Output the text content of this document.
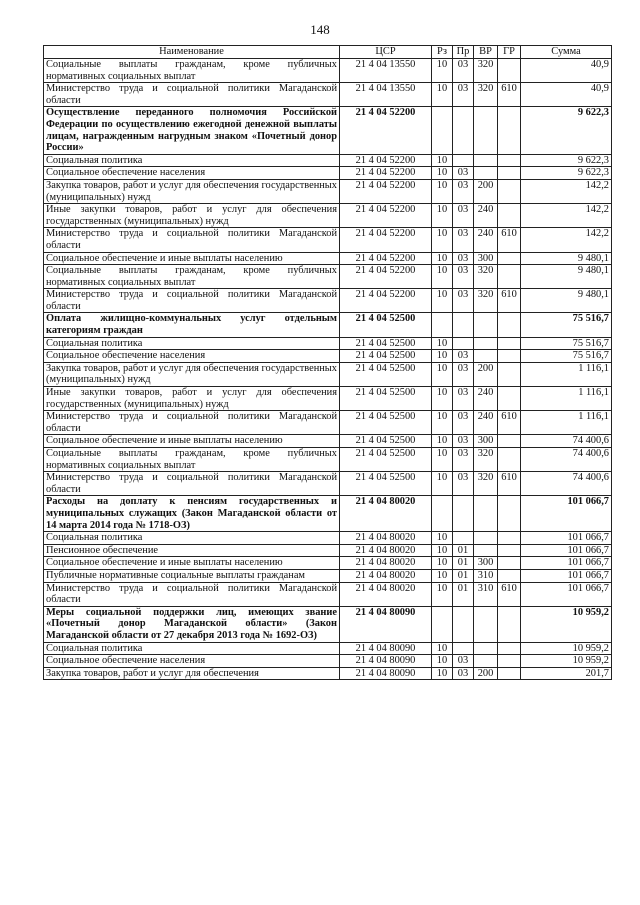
148
Наименование	ЦСР	Рз	Пр	ВР	ГР	Сумма
Социальные выплаты гражданам, кроме публичных нормативных социальных выплат	21 4 04 13550	10	03	320		40,9
Министерство труда и социальной политики Магаданской области	21 4 04 13550	10	03	320	610	40,9
Осуществление переданного полномочия Российской Федерации по осуществлению ежегодной денежной выплаты лицам, награжденным нагрудным знаком «Почетный донор России»	21 4 04 52200					9 622,3
Социальная политика	21 4 04 52200	10				9 622,3
Социальное обеспечение населения	21 4 04 52200	10	03			9 622,3
Закупка товаров, работ и услуг для обеспечения государственных (муниципальных) нужд	21 4 04 52200	10	03	200		142,2
Иные закупки товаров, работ и услуг для обеспечения государственных (муниципальных) нужд	21 4 04 52200	10	03	240		142,2
Министерство труда и социальной политики Магаданской области	21 4 04 52200	10	03	240	610	142,2
Социальное обеспечение и иные выплаты населению	21 4 04 52200	10	03	300		9 480,1
Социальные выплаты гражданам, кроме публичных нормативных социальных выплат	21 4 04 52200	10	03	320		9 480,1
Министерство труда и социальной политики Магаданской области	21 4 04 52200	10	03	320	610	9 480,1
Оплата жилищно-коммунальных услуг отдельным категориям граждан	21 4 04 52500					75 516,7
Социальная политика	21 4 04 52500	10				75 516,7
Социальное обеспечение населения	21 4 04 52500	10	03			75 516,7
Закупка товаров, работ и услуг для обеспечения государственных (муниципальных) нужд	21 4 04 52500	10	03	200		1 116,1
Иные закупки товаров, работ и услуг для обеспечения государственных (муниципальных) нужд	21 4 04 52500	10	03	240		1 116,1
Министерство труда и социальной политики Магаданской области	21 4 04 52500	10	03	240	610	1 116,1
Социальное обеспечение и иные выплаты населению	21 4 04 52500	10	03	300		74 400,6
Социальные выплаты гражданам, кроме публичных нормативных социальных выплат	21 4 04 52500	10	03	320		74 400,6
Министерство труда и социальной политики Магаданской области	21 4 04 52500	10	03	320	610	74 400,6
Расходы на доплату к пенсиям государственных и муниципальных служащих (Закон Магаданской области от 14 марта 2014 года № 1718-ОЗ)	21 4 04 80020					101 066,7
Социальная политика	21 4 04 80020	10				101 066,7
Пенсионное обеспечение	21 4 04 80020	10	01			101 066,7
Социальное обеспечение и иные выплаты населению	21 4 04 80020	10	01	300		101 066,7
Публичные нормативные социальные выплаты гражданам	21 4 04 80020	10	01	310		101 066,7
Министерство труда и социальной политики Магаданской области	21 4 04 80020	10	01	310	610	101 066,7
Меры социальной поддержки лиц, имеющих звание «Почетный донор Магаданской области» (Закон Магаданской области от 27 декабря 2013 года № 1692-ОЗ)	21 4 04 80090					10 959,2
Социальная политика	21 4 04 80090	10				10 959,2
Социальное обеспечение населения	21 4 04 80090	10	03			10 959,2
Закупка товаров, работ и услуг для обеспечения	21 4 04 80090	10	03	200		201,7
